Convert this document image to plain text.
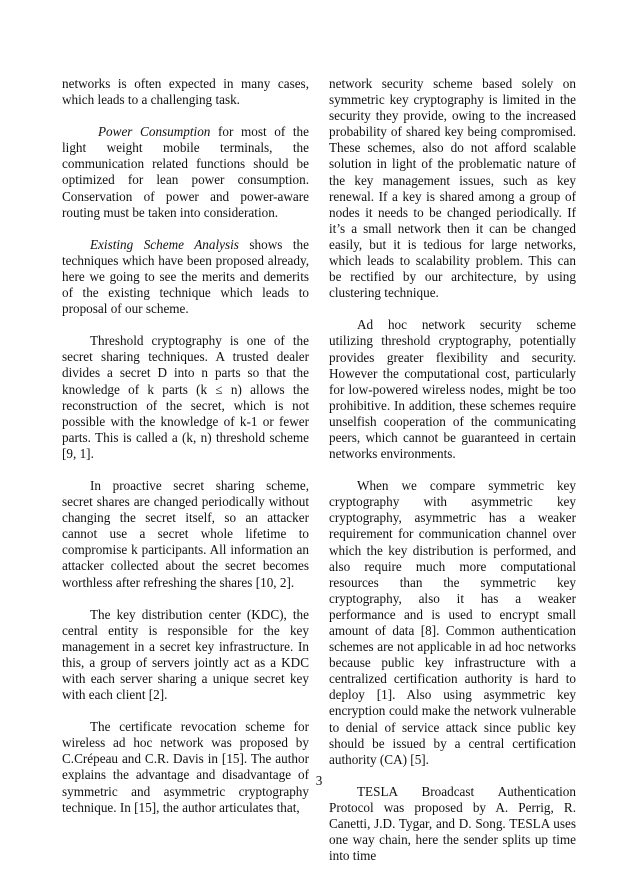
networks is often expected in many cases, which leads to a challenging task.

Power Consumption for most of the light weight mobile terminals, the communication related functions should be optimized for lean power consumption. Conservation of power and power-aware routing must be taken into consideration.

Existing Scheme Analysis shows the techniques which have been proposed already, here we going to see the merits and demerits of the existing technique which leads to proposal of our scheme.

Threshold cryptography is one of the secret sharing techniques. A trusted dealer divides a secret D into n parts so that the knowledge of k parts (k ≤ n) allows the reconstruction of the secret, which is not possible with the knowledge of k-1 or fewer parts. This is called a (k, n) threshold scheme [9, 1].

In proactive secret sharing scheme, secret shares are changed periodically without changing the secret itself, so an attacker cannot use a secret whole lifetime to compromise k participants. All information an attacker collected about the secret becomes worthless after refreshing the shares [10, 2].

The key distribution center (KDC), the central entity is responsible for the key management in a secret key infrastructure. In this, a group of servers jointly act as a KDC with each server sharing a unique secret key with each client [2].

The certificate revocation scheme for wireless ad hoc network was proposed by C.Crépeau and C.R. Davis in [15]. The author explains the advantage and disadvantage of symmetric and asymmetric cryptography technique. In [15], the author articulates that,

network security scheme based solely on symmetric key cryptography is limited in the security they provide, owing to the increased probability of shared key being compromised. These schemes, also do not afford scalable solution in light of the problematic nature of the key management issues, such as key renewal. If a key is shared among a group of nodes it needs to be changed periodically. If it’s a small network then it can be changed easily, but it is tedious for large networks, which leads to scalability problem. This can be rectified by our architecture, by using clustering technique.

Ad hoc network security scheme utilizing threshold cryptography, potentially provides greater flexibility and security. However the computational cost, particularly for low-powered wireless nodes, might be too prohibitive. In addition, these schemes require unselfish cooperation of the communicating peers, which cannot be guaranteed in certain networks environments.

When we compare symmetric key cryptography with asymmetric key cryptography, asymmetric has a weaker requirement for communication channel over which the key distribution is performed, and also require much more computational resources than the symmetric key cryptography, also it has a weaker performance and is used to encrypt small amount of data [8]. Common authentication schemes are not applicable in ad hoc networks because public key infrastructure with a centralized certification authority is hard to deploy [1]. Also using asymmetric key encryption could make the network vulnerable to denial of service attack since public key should be issued by a central certification authority (CA) [5].

TESLA Broadcast Authentication Protocol was proposed by A. Perrig, R. Canetti, J.D. Tygar, and D. Song. TESLA uses one way chain, here the sender splits up time into time

3
